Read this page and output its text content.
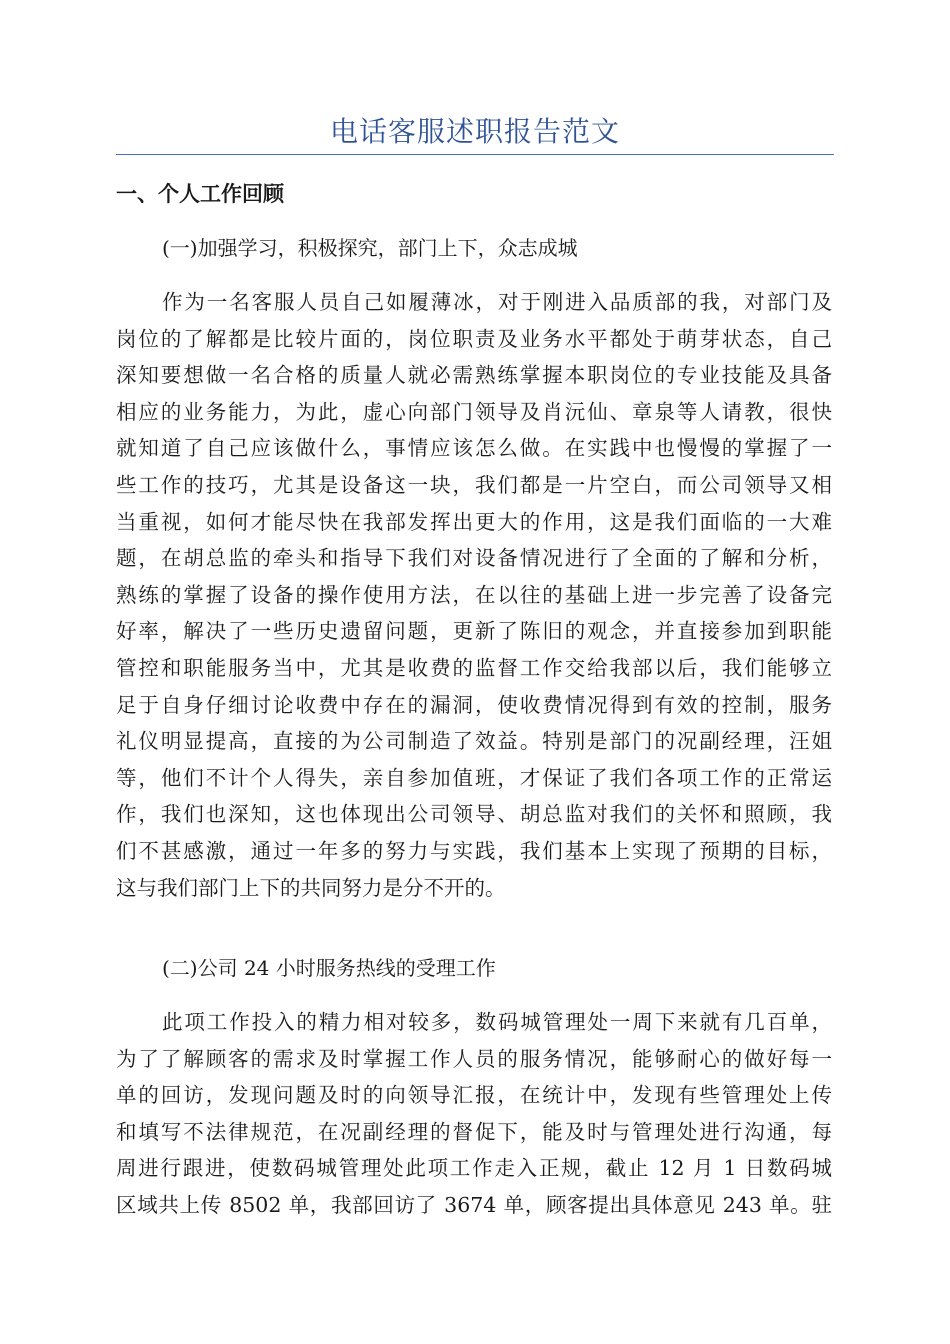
电话客服述职报告范文
一、个人工作回顾
(一)加强学习，积极探究，部门上下，众志成城
作为一名客服人员自己如履薄冰，对于刚进入品质部的我，对部门及
岗位的了解都是比较片面的，岗位职责及业务水平都处于萌芽状态，自己
深知要想做一名合格的质量人就必需熟练掌握本职岗位的专业技能及具备
相应的业务能力，为此，虚心向部门领导及肖沅仙、章泉等人请教，很快
就知道了自己应该做什么，事情应该怎么做。在实践中也慢慢的掌握了一
些工作的技巧，尤其是设备这一块，我们都是一片空白，而公司领导又相
当重视，如何才能尽快在我部发挥出更大的作用，这是我们面临的一大难
题，在胡总监的牵头和指导下我们对设备情况进行了全面的了解和分析，
熟练的掌握了设备的操作使用方法，在以往的基础上进一步完善了设备完
好率，解决了一些历史遗留问题，更新了陈旧的观念，并直接参加到职能
管控和职能服务当中，尤其是收费的监督工作交给我部以后，我们能够立
足于自身仔细讨论收费中存在的漏洞，使收费情况得到有效的控制，服务
礼仪明显提高，直接的为公司制造了效益。特别是部门的况副经理，汪姐
等，他们不计个人得失，亲自参加值班，才保证了我们各项工作的正常运
作，我们也深知，这也体现出公司领导、胡总监对我们的关怀和照顾，我
们不甚感激，通过一年多的努力与实践，我们基本上实现了预期的目标，
这与我们部门上下的共同努力是分不开的。
(二)公司 24 小时服务热线的受理工作
此项工作投入的精力相对较多，数码城管理处一周下来就有几百单，
为了了解顾客的需求及时掌握工作人员的服务情况，能够耐心的做好每一
单的回访，发现问题及时的向领导汇报，在统计中，发现有些管理处上传
和填写不法律规范，在况副经理的督促下，能及时与管理处进行沟通，每
周进行跟进，使数码城管理处此项工作走入正规，截止 12 月 1 日数码城
区域共上传 8502 单，我部回访了 3674 单，顾客提出具体意见 243 单。驻
